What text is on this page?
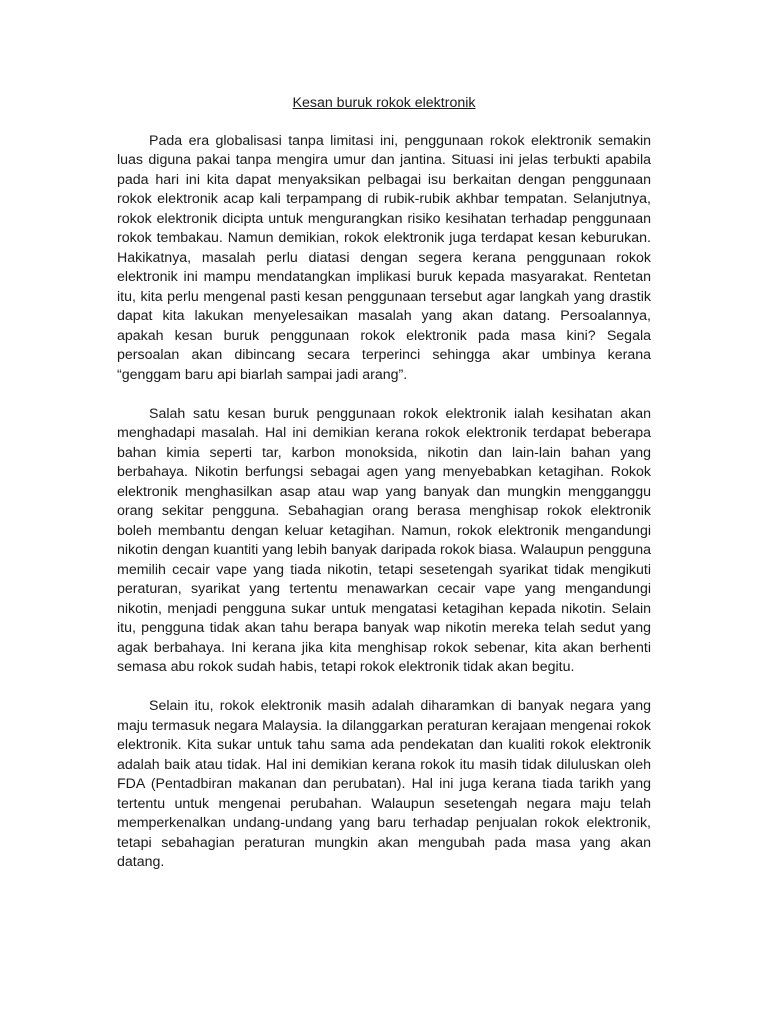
Kesan buruk rokok elektronik

Pada era globalisasi tanpa limitasi ini, penggunaan rokok elektronik semakin luas diguna pakai tanpa mengira umur dan jantina. Situasi ini jelas terbukti apabila pada hari ini kita dapat menyaksikan pelbagai isu berkaitan dengan penggunaan rokok elektronik acap kali terpampang di rubik-rubik akhbar tempatan. Selanjutnya, rokok elektronik dicipta untuk mengurangkan risiko kesihatan terhadap penggunaan rokok tembakau. Namun demikian, rokok elektronik juga terdapat kesan keburukan. Hakikatnya, masalah perlu diatasi dengan segera kerana penggunaan rokok elektronik ini mampu mendatangkan implikasi buruk kepada masyarakat. Rentetan itu, kita perlu mengenal pasti kesan penggunaan tersebut agar langkah yang drastik dapat kita lakukan menyelesaikan masalah yang akan datang. Persoalannya, apakah kesan buruk penggunaan rokok elektronik pada masa kini? Segala persoalan akan dibincang secara terperinci sehingga akar umbinya kerana “genggam baru api biarlah sampai jadi arang”.

Salah satu kesan buruk penggunaan rokok elektronik ialah kesihatan akan menghadapi masalah. Hal ini demikian kerana rokok elektronik terdapat beberapa bahan kimia seperti tar, karbon monoksida, nikotin dan lain-lain bahan yang berbahaya. Nikotin berfungsi sebagai agen yang menyebabkan ketagihan. Rokok elektronik menghasilkan asap atau wap yang banyak dan mungkin mengganggu orang sekitar pengguna. Sebahagian orang berasa menghisap rokok elektronik boleh membantu dengan keluar ketagihan. Namun, rokok elektronik mengandungi nikotin dengan kuantiti yang lebih banyak daripada rokok biasa. Walaupun pengguna memilih cecair vape yang tiada nikotin, tetapi sesetengah syarikat tidak mengikuti peraturan, syarikat yang tertentu menawarkan cecair vape yang mengandungi nikotin, menjadi pengguna sukar untuk mengatasi ketagihan kepada nikotin. Selain itu, pengguna tidak akan tahu berapa banyak wap nikotin mereka telah sedut yang agak berbahaya. Ini kerana jika kita menghisap rokok sebenar, kita akan berhenti semasa abu rokok sudah habis, tetapi rokok elektronik tidak akan begitu.

Selain itu, rokok elektronik masih adalah diharamkan di banyak negara yang maju termasuk negara Malaysia. Ia dilanggarkan peraturan kerajaan mengenai rokok elektronik. Kita sukar untuk tahu sama ada pendekatan dan kualiti rokok elektronik adalah baik atau tidak. Hal ini demikian kerana rokok itu masih tidak diluluskan oleh FDA (Pentadbiran makanan dan perubatan). Hal ini juga kerana tiada tarikh yang tertentu untuk mengenai perubahan. Walaupun sesetengah negara maju telah memperkenalkan undang-undang yang baru terhadap penjualan rokok elektronik, tetapi sebahagian peraturan mungkin akan mengubah pada masa yang akan datang.
